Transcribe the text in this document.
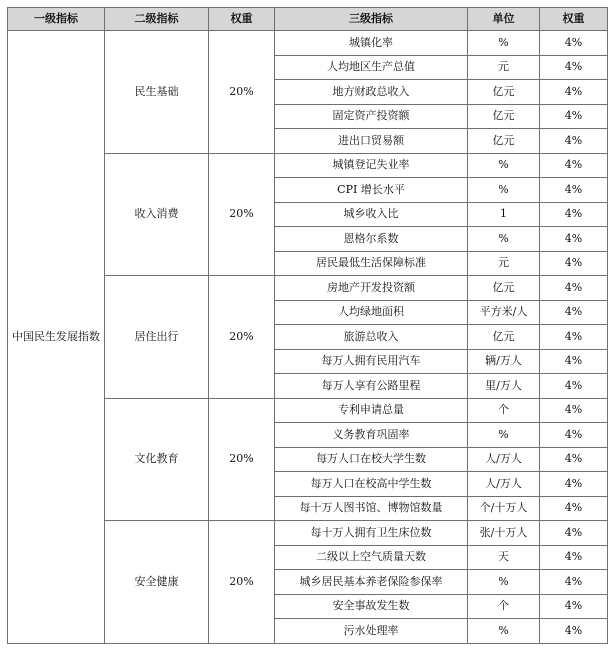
一级指标	二级指标	权重	三级指标	单位	权重
中国民生发展指数	民生基础	20%	城镇化率	%	4%
			人均地区生产总值	元	4%
			地方财政总收入	亿元	4%
			固定资产投资额	亿元	4%
			进出口贸易额	亿元	4%
	收入消费	20%	城镇登记失业率	%	4%
			CPI 增长水平	%	4%
			城乡收入比	1	4%
			恩格尔系数	%	4%
			居民最低生活保障标准	元	4%
	居住出行	20%	房地产开发投资额	亿元	4%
			人均绿地面积	平方米/人	4%
			旅游总收入	亿元	4%
			每万人拥有民用汽车	辆/万人	4%
			每万人享有公路里程	里/万人	4%
	文化教育	20%	专利申请总量	个	4%
			义务教育巩固率	%	4%
			每万人口在校大学生数	人/万人	4%
			每万人口在校高中学生数	人/万人	4%
			每十万人图书馆、博物馆数量	个/十万人	4%
	安全健康	20%	每十万人拥有卫生床位数	张/十万人	4%
			二级以上空气质量天数	天	4%
			城乡居民基本养老保险参保率	%	4%
			安全事故发生数	个	4%
			污水处理率	%	4%
